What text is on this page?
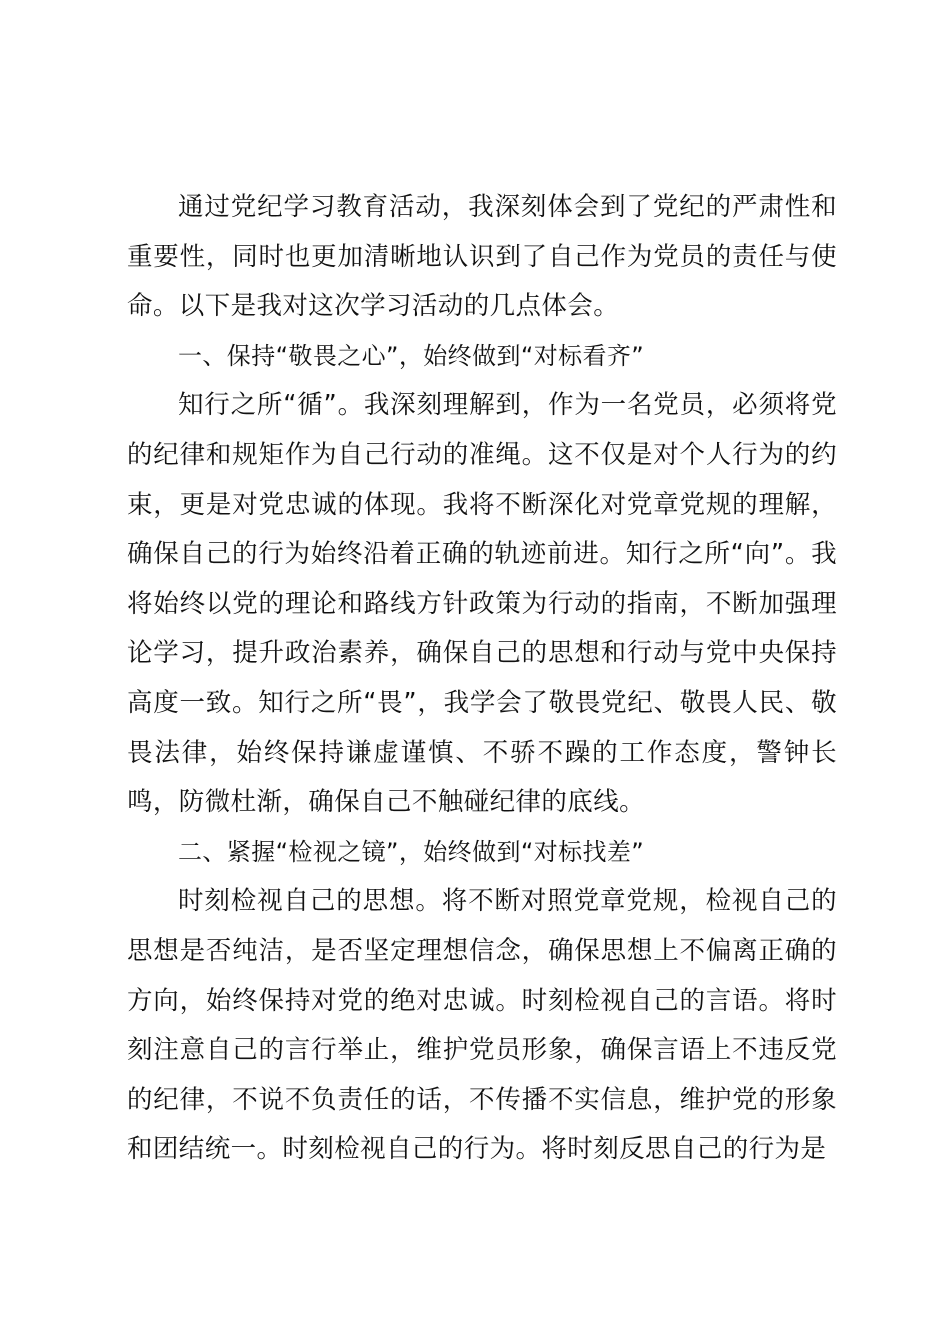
通过党纪学习教育活动，我深刻体会到了党纪的严肃性和重要性，同时也更加清晰地认识到了自己作为党员的责任与使命。以下是我对这次学习活动的几点体会。

一、保持“敬畏之心”，始终做到“对标看齐”

知行之所“循”。我深刻理解到，作为一名党员，必须将党的纪律和规矩作为自己行动的准绳。这不仅是对个人行为的约束，更是对党忠诚的体现。我将不断深化对党章党规的理解，确保自己的行为始终沿着正确的轨迹前进。知行之所“向”。我将始终以党的理论和路线方针政策为行动的指南，不断加强理论学习，提升政治素养，确保自己的思想和行动与党中央保持高度一致。知行之所“畏”，我学会了敬畏党纪、敬畏人民、敬畏法律，始终保持谦虚谨慎、不骄不躁的工作态度，警钟长鸣，防微杜渐，确保自己不触碰纪律的底线。

二、紧握“检视之镜”，始终做到“对标找差”

时刻检视自己的思想。将不断对照党章党规，检视自己的思想是否纯洁，是否坚定理想信念，确保思想上不偏离正确的方向，始终保持对党的绝对忠诚。时刻检视自己的言语。将时刻注意自己的言行举止，维护党员形象，确保言语上不违反党的纪律，不说不负责任的话，不传播不实信息，维护党的形象和团结统一。时刻检视自己的行为。将时刻反思自己的行为是
